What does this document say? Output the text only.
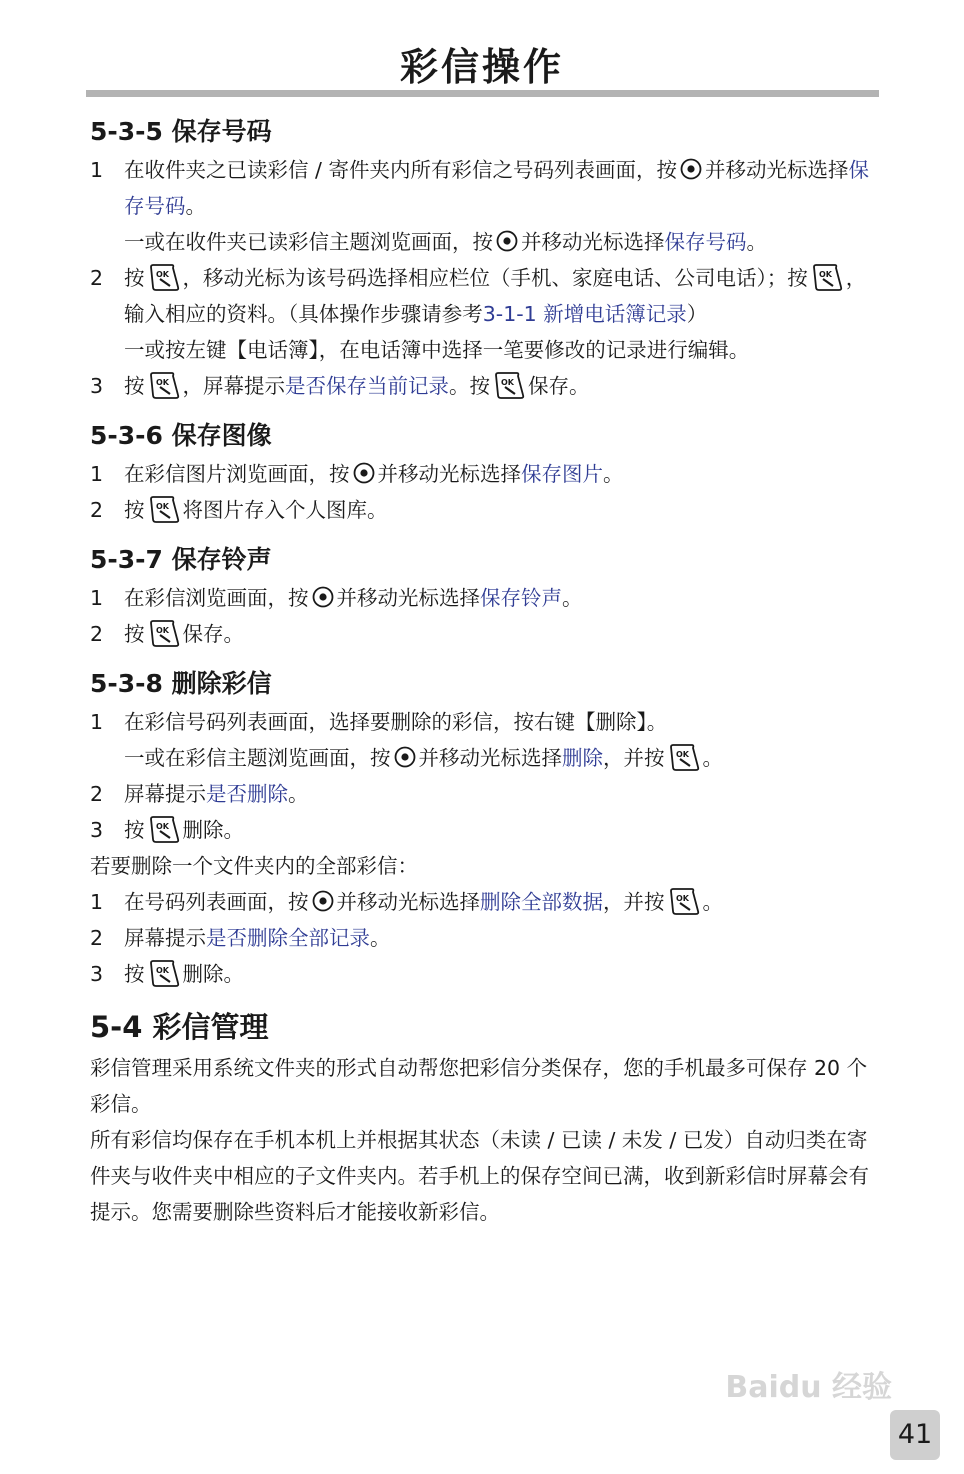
彩信操作
5-3-5 保存号码
1	在收件夹之已读彩信 / 寄件夹内所有彩信之号码列表画面，按 并移动光标选择保存号码。
一或在收件夹已读彩信主题浏览画面，按 并移动光标选择保存号码。
2	按 ，移动光标为该号码选择相应栏位（手机、家庭电话、公司电话）；按 ，输入相应的资料。（具体操作步骤请参考3-1-1 新增电话簿记录）
一或按左键【电话簿】，在电话簿中选择一笔要修改的记录进行编辑。
3	按 ，屏幕提示是否保存当前记录。按 保存。
5-3-6 保存图像
1	在彩信图片浏览画面，按 并移动光标选择保存图片。
2	按 将图片存入个人图库。
5-3-7 保存铃声
1	在彩信浏览画面，按 并移动光标选择保存铃声。
2	按 保存。
5-3-8 删除彩信
1	在彩信号码列表画面，选择要删除的彩信，按右键【删除】。
一或在彩信主题浏览画面，按 并移动光标选择删除，并按 。
2	屏幕提示是否删除。
3	按 删除。
若要删除一个文件夹内的全部彩信：
1	在号码列表画面，按 并移动光标选择删除全部数据，并按 。
2	屏幕提示是否删除全部记录。
3	按 删除。
5-4 彩信管理
彩信管理采用系统文件夹的形式自动帮您把彩信分类保存，您的手机最多可保存 20 个彩信。
所有彩信均保存在手机本机上并根据其状态（未读 / 已读 / 未发 / 已发）自动归类在寄件夹与收件夹中相应的子文件夹内。若手机上的保存空间已满，收到新彩信时屏幕会有提示。您需要删除些资料后才能接收新彩信。
Baidu 经验
41
